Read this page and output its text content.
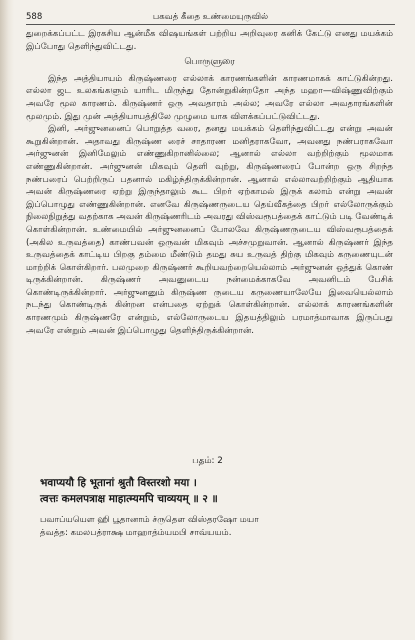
588	பகவத் கீதை உண்மையுருவில்

துறைக்கப்பட்ட இரகசிய ஆன்மீக விஷயங்கள் பற்றிய அறிவுரை கனிக் கேட்டு எனது மயக்கம் இப்போது தெளிந்துவிட்டது.

பொருளுரை

இந்த அத்தியாயம் கிருஷ்ணரை எல்லாக் காரணங்களின் காரணமாகக் காட்டுகின்றது. எல்லா ஜட உலகங்களும் யாரிட மிருந்து தோன்றுகின்றதோ அந்த மஹா—விஷ்ணுவிற்கும் அவரே மூல காரணம். கிருஷ்ணர் ஒரு அவதாரம் அல்ல; அவரே எல்லா அவதாரங்களின் மூலமும். இது முன் அத்தியாயத்திலே முழுமை யாக விளக்கப்பட்டுவிட்டது.

இனி, அர்ஜுனனைப் பொறுத்த வரை, தனது மயக்கம் தெளிந்துவிட்டது என்று அவன் கூறுகின்றான். அதாவது கிருஷ்ண ரைச் சாதாரண மனிதராகவோ, அவனது நண்பராகவோ அர்ஜுனன் இனிமேலும் எண்ணுகிறானில்லை; ஆனால் எல்லா வற்றிற்கும் மூலமாக எண்ணுகின்றான். அர்ஜுனன் மிகவும் தெளி வுற்று, கிருஷ்ணரைப் போன்ற ஒரு சிறந்த நண்பரைப் பெற்றிருப் பதனால் மகிழ்ந்திருக்கின்றான். ஆனால் எல்லாவற்றிற்கும் ஆதியாக அவன் கிருஷ்ணரை ஏற்று இருந்தாலும் கூட பிறர் ஏற்காமல் இருக் கலாம் என்று அவன் இப்பொழுது எண்ணுகின்றான். எனவே கிருஷ்ணருடைய தெய்வீகத்தை பிறர் எல்லோருக்கும் நிலைநிறுத்து வதற்காக அவன் கிருஷ்ணரிடம் அவரது விஸ்வரூபத்தைக் காட்டும் படி வேண்டிக் கொள்கின்றான். உண்மையில் அர்ஜுனனைப் போலவே கிருஷ்ணருடைய விஸ்வரூபத்தைக் (அகில உருவத்தை) காண்பவன் ஒருவன் மிகவும் அச்சமுறுவான். ஆனால் கிருஷ்ணர் இந்த உருவத்தைக் காட்டிய பிறகு தம்மை மீண்டும் தமது சுய உருவத் திற்கு மிகவும் கருணையுடன் மாற்றிக் கொள்கிறார். பலமுறை கிருஷ்ணர் கூறியவற்றையெல்லாம் அர்ஜுனன் ஒத்துக் கொண் டிருக்கின்றான். கிருஷ்ணர் அவனுடைய நன்மைக்காகவே அவனிடம் பேசிக் கொண்டிருக்கின்றார். அர்ஜுனனும் கிருஷ்ண ருடைய கருணையாலேயே இவையெல்லாம் நடந்து கொண்டிருக் கின்றன என்பதை ஏற்றுக் கொள்கின்றான். எல்லாக் காரணங்களின் காரணமும் கிருஷ்ணரே என்றும், எல்லோருடைய இதயத்திலும் பரமாத்மாவாக இருப்பது அவரே என்றும் அவன் இப்பொழுது தெளிந்திருக்கின்றான்.

பதம்: 2
भवाप्ययौ हि भूतानां श्रुतौ विस्तरशो मया ।
त्वत्तः कमलपत्राक्ष माहात्म्यमपि चाव्ययम् ॥ २ ॥
பவாப்யயௌ ஹி பூதானாம் ச்ருதௌ விஸ்தரஷோ மயா
த்வத்த: கமலபத்ராக்ஷ மாஹாத்ம்யமபி சாவ்யயம்.
